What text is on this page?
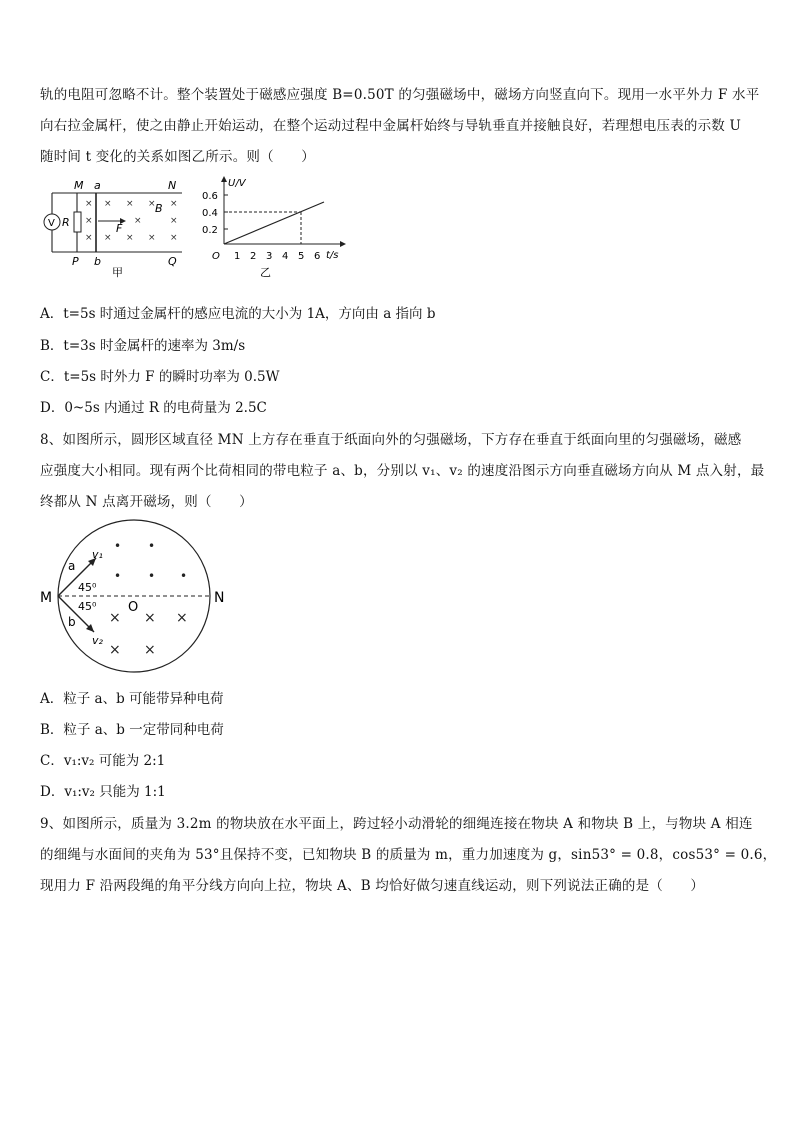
轨的电阻可忽略不计。整个装置处于磁感应强度 B=0.50T 的匀强磁场中，磁场方向竖直向下。现用一水平外力 F 水平
向右拉金属杆，使之由静止开始运动，在整个运动过程中金属杆始终与导轨垂直并接触良好，若理想电压表的示数 U
随时间 t 变化的关系如图乙所示。则（　　）
V R	F
B
×
×
×
× × × ×
×	×
× × × ×
M a	N
P b	Q
甲
U/V
t/s
O
0.6
0.4
0.2
1 2 3 4 5 6
乙
A．t=5s 时通过金属杆的感应电流的大小为 1A，方向由 a 指向 b
B．t=3s 时金属杆的速率为 3m/s
C．t=5s 时外力 F 的瞬时功率为 0.5W
D．0~5s 内通过 R 的电荷量为 2.5C
8、如图所示，圆形区域直径 MN 上方存在垂直于纸面向外的匀强磁场，下方存在垂直于纸面向里的匀强磁场，磁感
应强度大小相同。现有两个比荷相同的带电粒子 a、b，分别以 v₁、v₂ 的速度沿图示方向垂直磁场方向从 M 点入射，最
终都从 N 点离开磁场，则（　　）
M	N
O
v₁
a
v₂
b
45⁰
45⁰
• •
• • •
× × ×
× ×
A．粒子 a、b 可能带异种电荷
B．粒子 a、b 一定带同种电荷
C．v₁:v₂ 可能为 2:1
D．v₁:v₂ 只能为 1:1
9、如图所示，质量为 3.2m 的物块放在水平面上，跨过轻小动滑轮的细绳连接在物块 A 和物块 B 上，与物块 A 相连
的细绳与水面间的夹角为 53°且保持不变，已知物块 B 的质量为 m，重力加速度为 g，sin53° = 0.8，cos53° = 0.6，
现用力 F 沿两段绳的角平分线方向向上拉，物块 A、B 均恰好做匀速直线运动，则下列说法正确的是（　　）
